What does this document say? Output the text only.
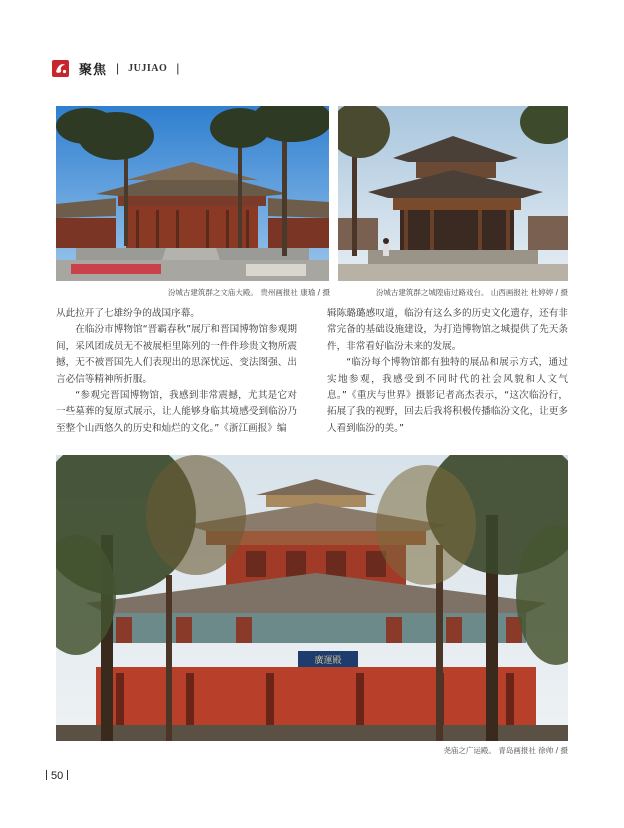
聚焦 | JUJIAO |
汾城古建筑群之文庙大殿。 贵州画报社 康瑜 / 摄	汾城古建筑群之城隍庙过路戏台。 山西画报社 杜婷婷 / 摄

从此拉开了七雄纷争的战国序幕。

在临汾市博物馆“晋霸春秋”展厅和晋国博物馆参观期间，采风团成员无不被展柜里陈列的一件件珍贵文物所震撼，无不被晋国先人们表现出的思深忧远、变法图强、出言必信等精神所折服。

“参观完晋国博物馆，我感到非常震撼，尤其是它对一些墓葬的复原式展示，让人能够身临其境感受到临汾乃至整个山西悠久的历史和灿烂的文化。”《浙江画报》编

辑陈璐璐感叹道，临汾有这么多的历史文化遗存，还有非常完备的基础设施建设，为打造博物馆之城提供了先天条件，非常看好临汾未来的发展。

“临汾每个博物馆都有独特的展品和展示方式，通过实地参观，我感受到不同时代的社会风貌和人文气息。”《重庆与世界》摄影记者高杰表示，“这次临汾行，拓展了我的视野，回去后我将积极传播临汾文化，让更多人看到临汾的美。”

廣運殿
尧庙之广运殿。 青岛画报社 徐帅 / 摄
50
